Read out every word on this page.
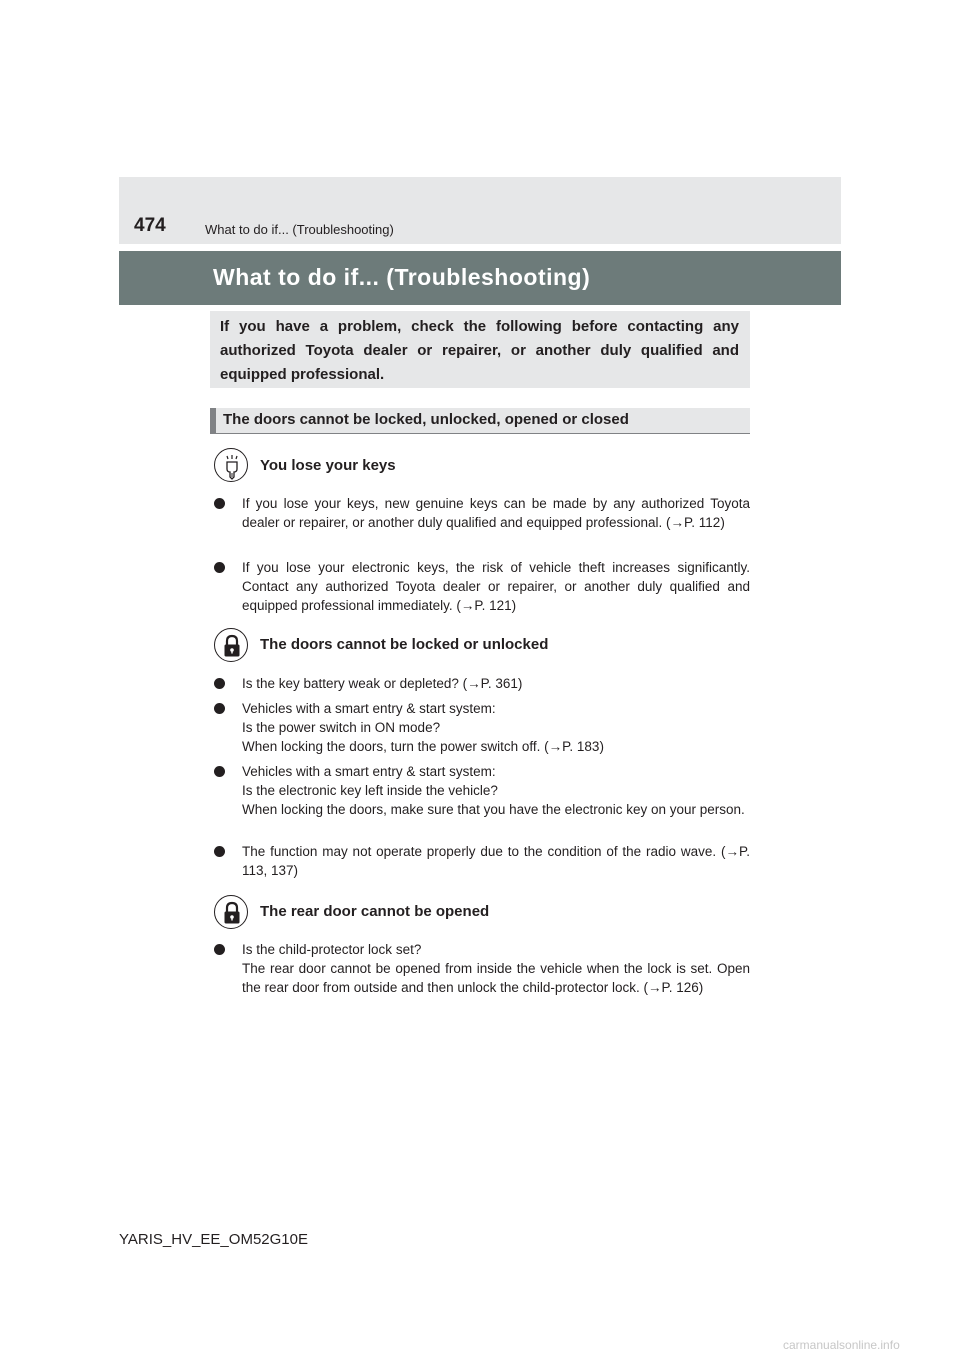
474	What to do if... (Troubleshooting)
What to do if... (Troubleshooting)
If you have a problem, check the following before contacting any authorized Toyota dealer or repairer, or another duly qualified and equipped professional.
The doors cannot be locked, unlocked, opened or closed
You lose your keys
If you lose your keys, new genuine keys can be made by any authorized Toyota dealer or repairer, or another duly qualified and equipped professional. (→P. 112)
If you lose your electronic keys, the risk of vehicle theft increases significantly. Contact any authorized Toyota dealer or repairer, or another duly qualified and equipped professional immediately. (→P. 121)
The doors cannot be locked or unlocked
Is the key battery weak or depleted? (→P. 361)
Vehicles with a smart entry & start system:
Is the power switch in ON mode?
When locking the doors, turn the power switch off. (→P. 183)
Vehicles with a smart entry & start system:
Is the electronic key left inside the vehicle?
When locking the doors, make sure that you have the electronic key on your person.
The function may not operate properly due to the condition of the radio wave. (→P. 113, 137)
The rear door cannot be opened
Is the child-protector lock set?
The rear door cannot be opened from inside the vehicle when the lock is set. Open the rear door from outside and then unlock the child-protector lock. (→P. 126)
YARIS_HV_EE_OM52G10E
carmanualsonline.info
